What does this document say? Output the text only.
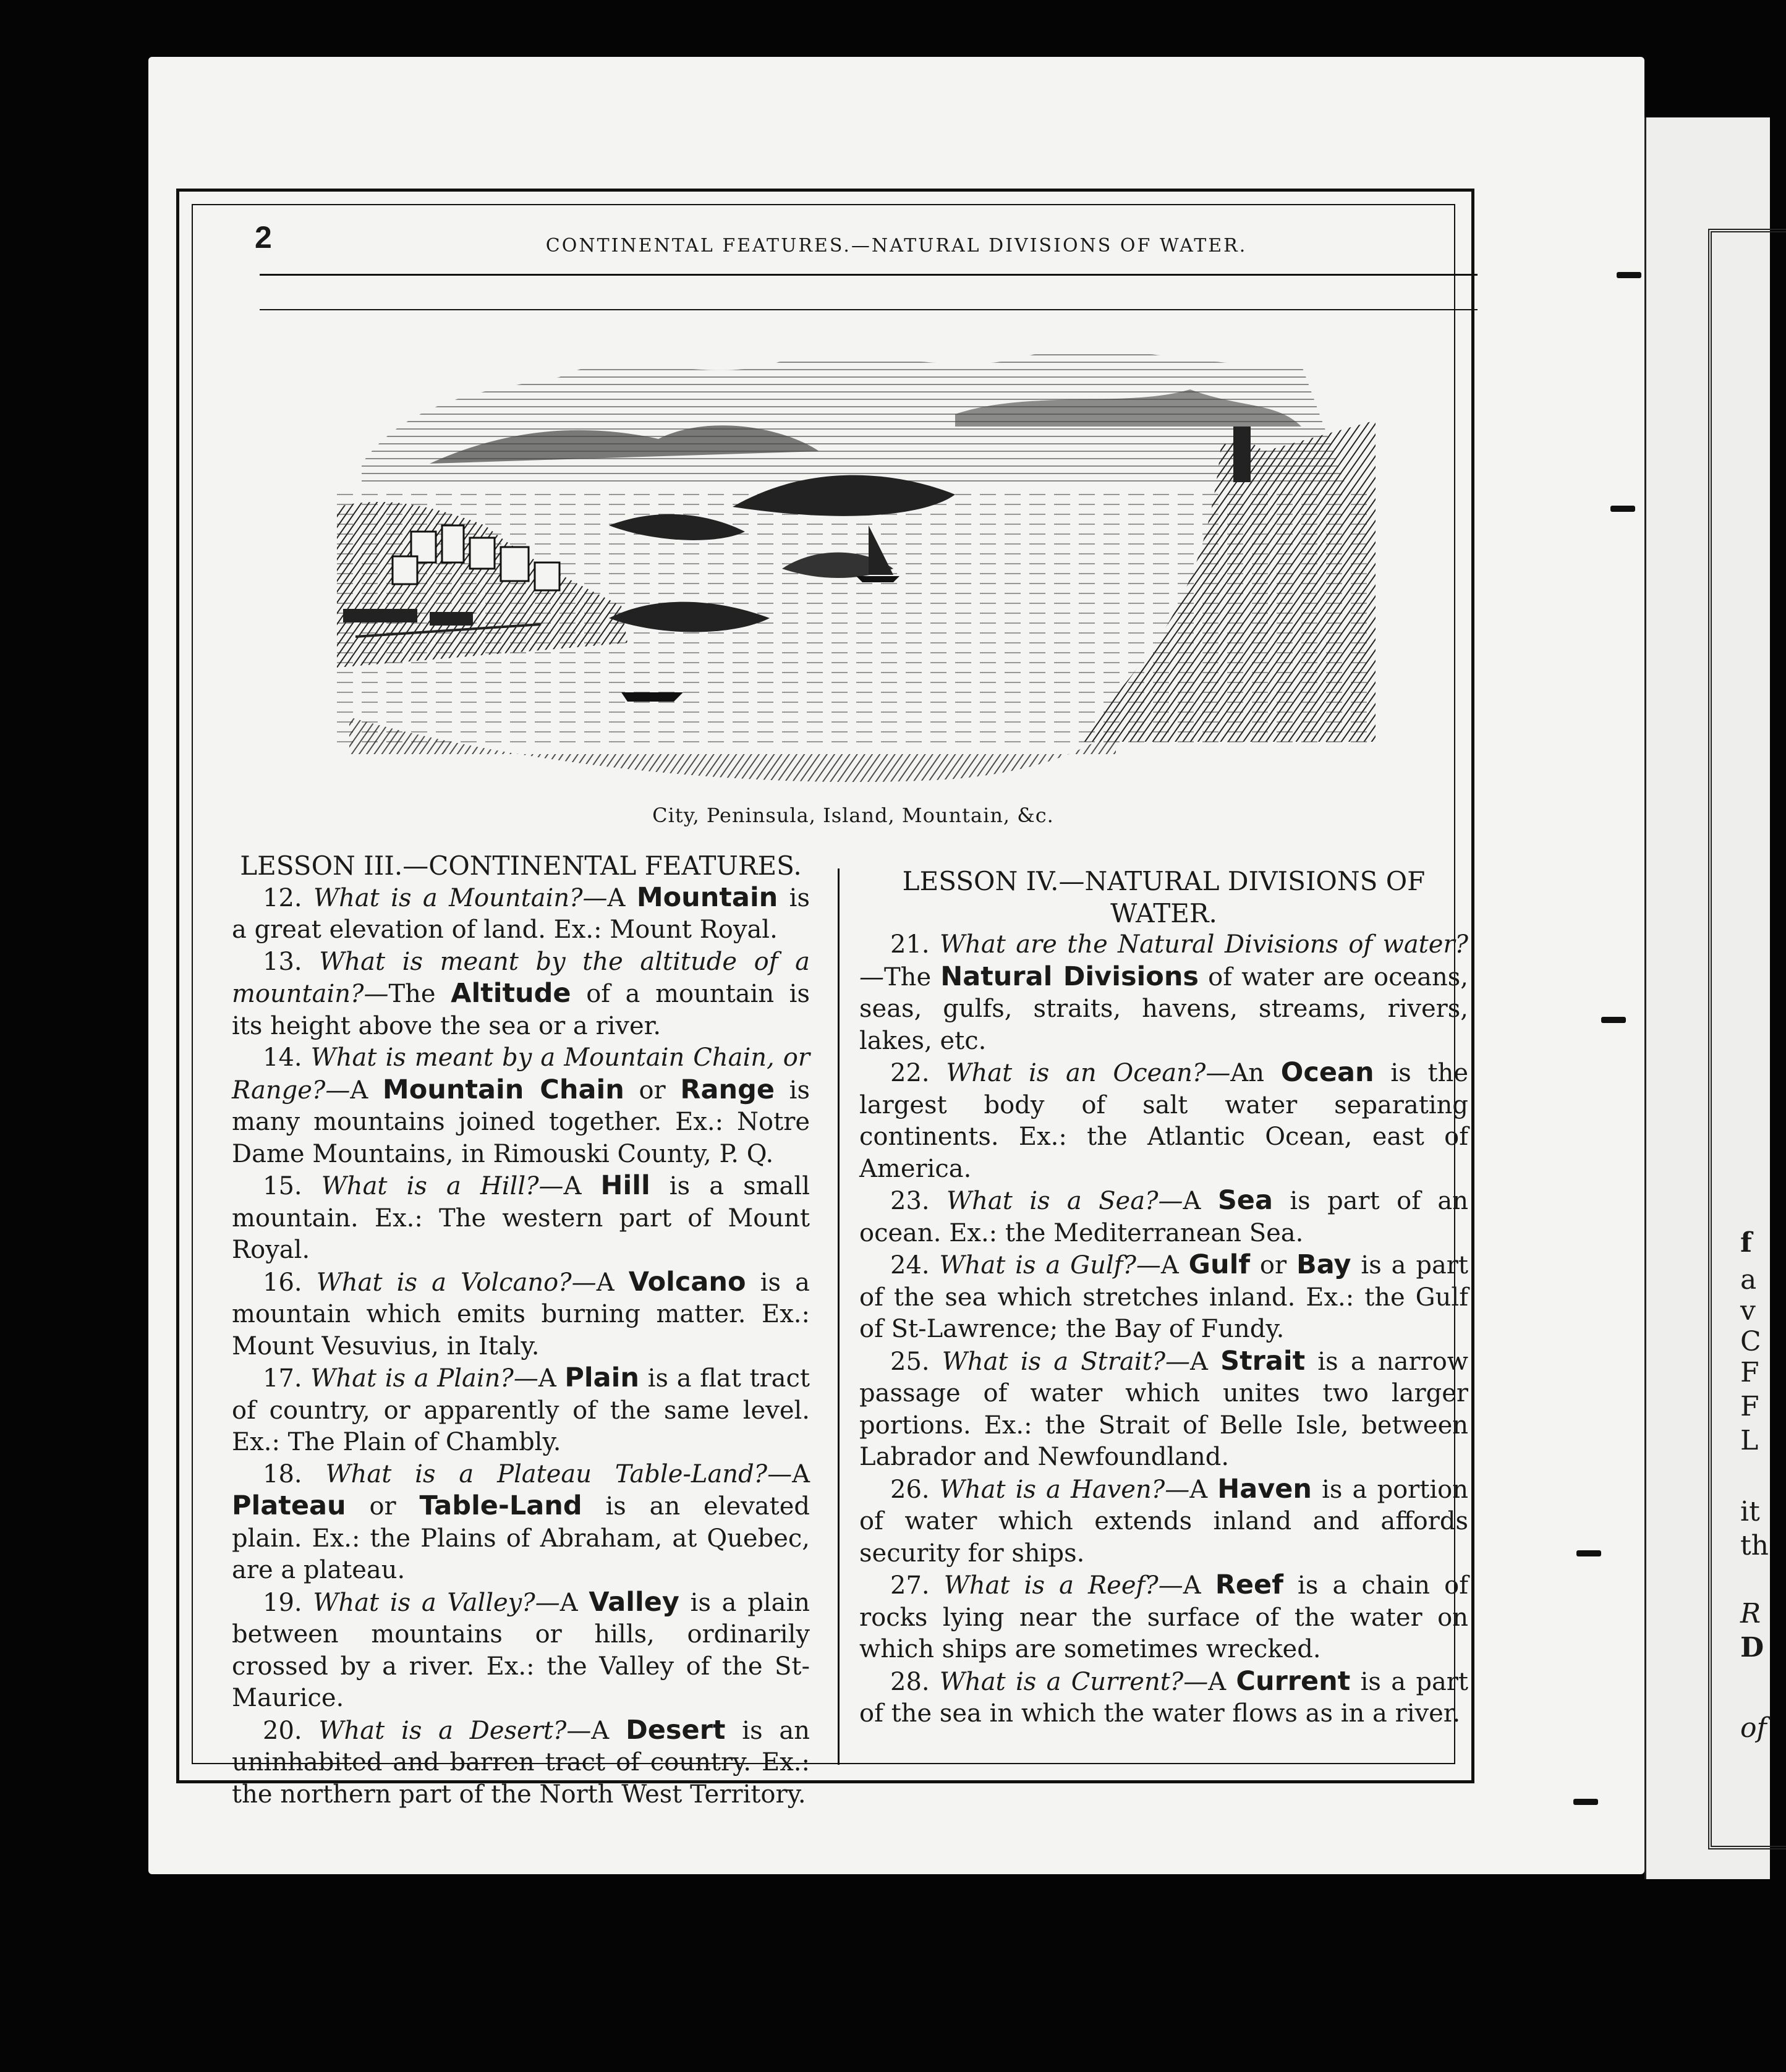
2	CONTINENTAL FEATURES.—NATURAL DIVISIONS OF WATER.
City, Peninsula, Island, Mountain, &c.

LESSON III.—CONTINENTAL FEATURES.

12. What is a Mountain?—A Mountain is a great elevation of land. Ex.: Mount Royal.

13. What is meant by the altitude of a mountain?—The Altitude of a mountain is its height above the sea or a river.

14. What is meant by a Mountain Chain, or Range?—A Mountain Chain or Range is many mountains joined together. Ex.: Notre Dame Mountains, in Rimouski County, P. Q.

15. What is a Hill?—A Hill is a small mountain. Ex.: The western part of Mount Royal.

16. What is a Volcano?—A Volcano is a mountain which emits burning matter. Ex.: Mount Vesuvius, in Italy.

17. What is a Plain?—A Plain is a flat tract of country, or apparently of the same level. Ex.: The Plain of Chambly.

18. What is a Plateau Table-Land?—A Plateau or Table-Land is an elevated plain. Ex.: the Plains of Abraham, at Quebec, are a plateau.

19. What is a Valley?—A Valley is a plain between mountains or hills, ordinarily crossed by a river. Ex.: the Valley of the St-Maurice.

20. What is a Desert?—A Desert is an uninhabited and barren tract of country. Ex.: the northern part of the North West Territory.

LESSON IV.—NATURAL DIVISIONS OF WATER.

21. What are the Natural Divisions of water?—The Natural Divisions of water are oceans, seas, gulfs, straits, havens, streams, rivers, lakes, etc.

22. What is an Ocean?—An Ocean is the largest body of salt water separating continents. Ex.: the Atlantic Ocean, east of America.

23. What is a Sea?—A Sea is part of an ocean. Ex.: the Mediterranean Sea.

24. What is a Gulf?—A Gulf or Bay is a part of the sea which stretches inland. Ex.: the Gulf of St-Lawrence; the Bay of Fundy.

25. What is a Strait?—A Strait is a narrow passage of water which unites two larger portions. Ex.: the Strait of Belle Isle, between Labrador and Newfoundland.

26. What is a Haven?—A Haven is a portion of water which extends inland and affords security for ships.

27. What is a Reef?—A Reef is a chain of rocks lying near the surface of the water on which ships are sometimes wrecked.

28. What is a Current?—A Current is a part of the sea in which the water flows as in a river.

f
a
v
C
F
F
L
it
th
R
D
of
